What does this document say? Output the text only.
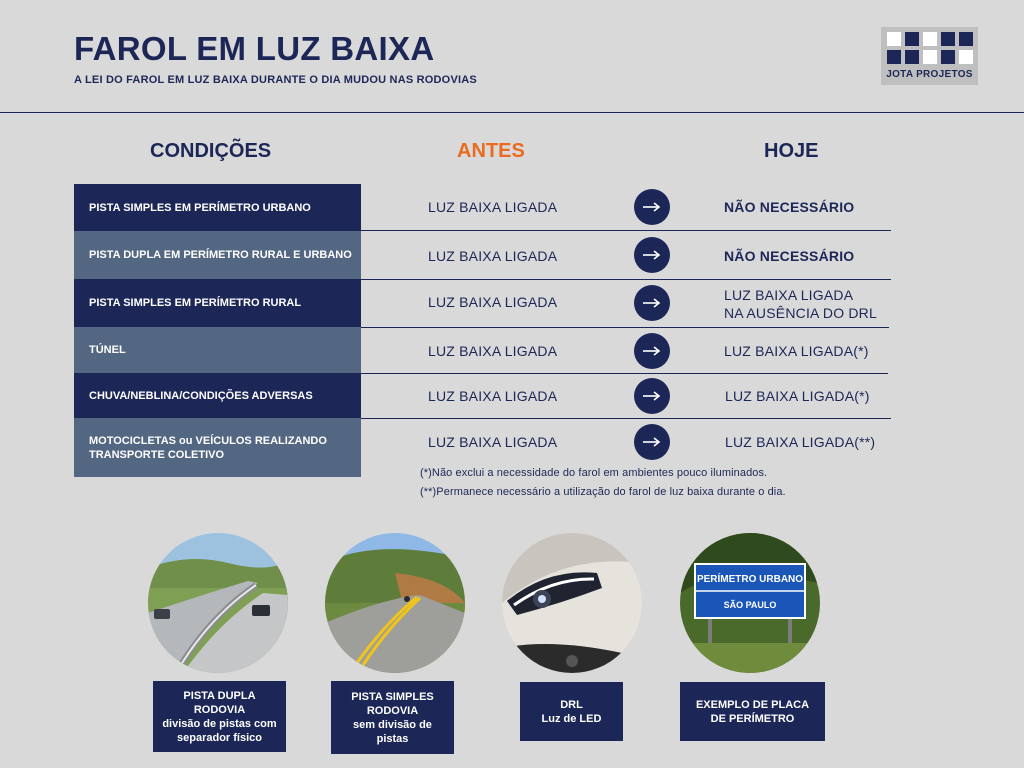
FAROL EM LUZ BAIXA
A LEI DO FAROL EM LUZ BAIXA DURANTE O DIA MUDOU NAS RODOVIAS	JOTA PROJETOS
CONDIÇÕES	ANTES	HOJE
PISTA SIMPLES EM PERÍMETRO URBANO	LUZ BAIXA LIGADA	NÃO NECESSÁRIO
PISTA DUPLA EM PERÍMETRO RURAL E URBANO	LUZ BAIXA LIGADA	NÃO NECESSÁRIO
PISTA SIMPLES EM PERÍMETRO RURAL	LUZ BAIXA LIGADA	LUZ BAIXA LIGADA
NA AUSÊNCIA DO DRL
TÚNEL	LUZ BAIXA LIGADA	LUZ BAIXA LIGADA(*)
CHUVA/NEBLINA/CONDIÇÕES ADVERSAS	LUZ BAIXA LIGADA	LUZ BAIXA LIGADA(*)
MOTOCICLETAS ou VEÍCULOS REALIZANDO
TRANSPORTE COLETIVO
LUZ BAIXA LIGADA	LUZ BAIXA LIGADA(**)
(*)Não exclui a necessidade do farol em ambientes pouco iluminados.
(**)Permanece necessário a utilização do farol de luz baixa durante o dia.
PISTA DUPLA
RODOVIA
divisão de pistas com
separador físico
PISTA SIMPLES
RODOVIA
sem divisão de
pistas
DRL
Luz de LED
PERÍMETRO URBANO
SÃO PAULO
EXEMPLO DE PLACA
DE PERÍMETRO
